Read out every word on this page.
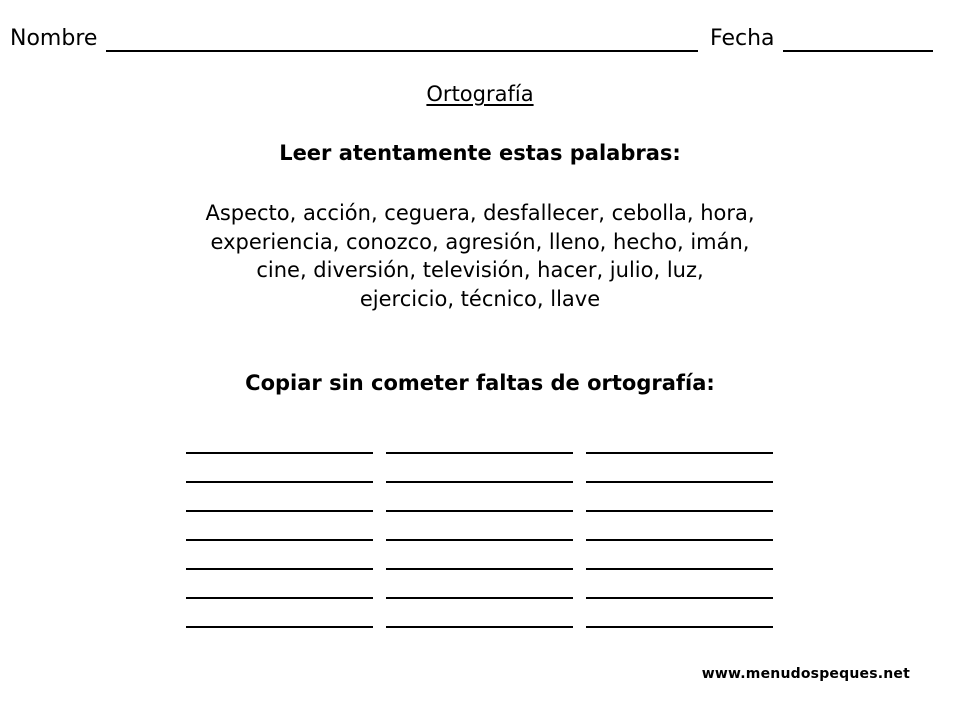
Nombre	Fecha
Ortografía
Leer atentamente estas palabras:
Aspecto, acción, ceguera, desfallecer, cebolla, hora,
experiencia, conozco, agresión, lleno, hecho, imán,
cine, diversión, televisión, hacer, julio, luz,
ejercicio, técnico, llave
Copiar sin cometer faltas de ortografía:
www.menudospeques.net
